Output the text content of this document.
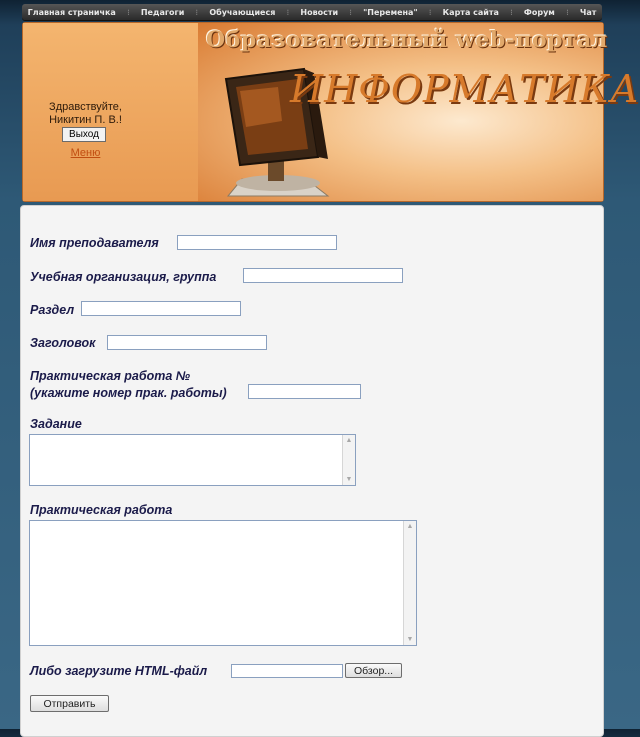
Главная страничка ⁝ Педагоги ⁝ Обучающиеся ⁝ Новости ⁝ "Перемена" ⁝ Карта сайта ⁝ Форум ⁝ Чат
Здравствуйте,
Никитин П. В.!
Выход
Меню
Образовательный web-портал
ИНФОРМАТИКА
Имя преподавателя
Учебная организация, группа
Раздел
Заголовок
Практическая работа №
(укажите номер прак. работы)
Задание
▲
▼
Практическая работа
▲
▼
Либо загрузите HTML-файл	Обзор...
Отправить
